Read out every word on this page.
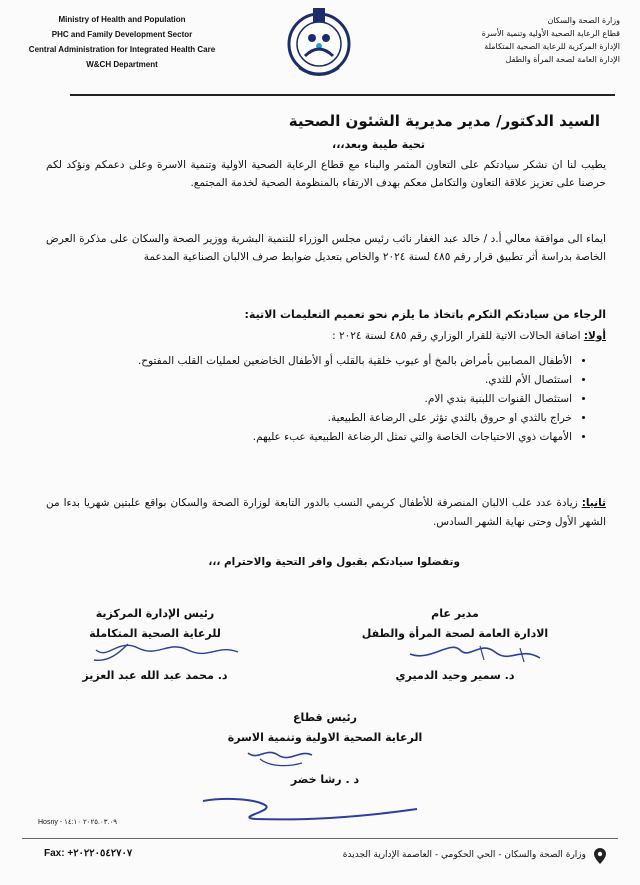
Ministry of Health and Population
PHC and Family Development Sector
Central Administration for Integrated Health Care
W&CH Department
وزارة الصحة والسكان
قطاع الرعاية الصحية الأولية وتنمية الأسرة
الإدارة المركزية للرعاية الصحية المتكاملة
الإدارة العامة لصحة المرأة والطفل
السيد الدكتور/ مدير مديرية الشئون الصحية
تحية طيبة وبعد،،،
يطيب لنا ان نشكر سيادتكم على التعاون المثمر والبناء مع قطاع الرعاية الصحية الاولية وتنمية الاسرة وعلى دعمكم ونؤكد لكم حرصنا على تعزيز علاقة التعاون والتكامل معكم بهدف الارتقاء بالمنظومة الصحية لخدمة المجتمع.
ايماء الى موافقة معالي أ.د / خالد عبد الغفار نائب رئيس مجلس الوزراء للتنمية البشرية ووزير الصحة والسكان على مذكرة العرض الخاصة بدراسة أثر تطبيق قرار رقم ٤٨٥ لسنة ٢٠٢٤ والخاص بتعديل ضوابط صرف الالبان الصناعية المدعمة
الرجاء من سيادتكم التكرم باتخاذ ما يلزم نحو تعميم التعليمات الاتية:
أولا: اضافة الحالات الاتية للقرار الوزاري رقم ٤٨٥ لسنة ٢٠٢٤ :
• الأطفال المصابين بأمراض بالمخ أو عيوب خلقية بالقلب أو الأطفال الخاضعين لعمليات القلب المفتوح.
• استئصال الأم للثدي.
• استئصال القنوات اللبنية بثدي الام.
• خراج بالثدي او حروق بالثدي تؤثر على الرضاعة الطبيعية.
• الأمهات ذوي الاحتياجات الخاصة والتي تمثل الرضاعة الطبيعية عبء عليهم.
ثانيا: زيادة عدد علب الالبان المنصرفة للأطفال كريمي النسب بالدور التابعة لوزارة الصحة والسكان بواقع علبتين شهريا بدءا من الشهر الأول وحتى نهاية الشهر السادس.
وتفضلوا سيادتكم بقبول وافر التحية والاحترام ،،،
مدير عام
الادارة العامة لصحة المرأة والطفل
د. سمير وحيد الدميري
رئيس الإدارة المركزية
للرعاية الصحية المتكاملة
د. محمد عبد الله عبد العزيز
رئيس قطاع
الرعاية الصحية الاولية وتنمية الاسرة
د . رشا خضر
Hosny - ٢٠٢٥.٠٣.٠٩ ١٤:١٠
Fax: +٢٠٢٢٠٥٤٢٧٠٧	وزارة الصحة والسكان - الحي الحكومي - العاصمة الإدارية الجديدة
